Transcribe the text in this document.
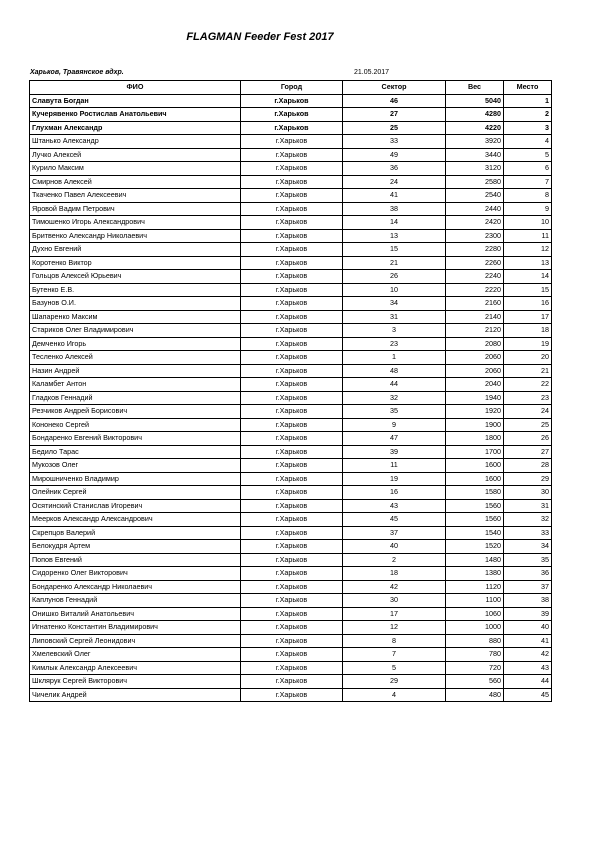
FLAGMAN Feeder Fest 2017
Харьков, Травянское вдхр.	21.05.2017
ФИО	Город	Сектор	Вес	Место
Славута Богдан	г.Харьков	46	5040	1
Кучерявенко Ростислав Анатольевич	г.Харьков	27	4280	2
Глухман Александр	г.Харьков	25	4220	3
Штанько Александр	г.Харьков	33	3920	4
Лучко Алексей	г.Харьков	49	3440	5
Курило Максим	г.Харьков	36	3120	6
Смирнов Алексей	г.Харьков	24	2580	7
Ткаченко Павел Алексеевич	г.Харьков	41	2540	8
Яровой Вадим Петрович	г.Харьков	38	2440	9
Тимошенко Игорь Александрович	г.Харьков	14	2420	10
Бритвенко Александр Николаевич	г.Харьков	13	2300	11
Духно Евгений	г.Харьков	15	2280	12
Коротенко Виктор	г.Харьков	21	2260	13
Гольцов Алексей Юрьевич	г.Харьков	26	2240	14
Бутенко Е.В.	г.Харьков	10	2220	15
Базунов О.И.	г.Харьков	34	2160	16
Шапаренко Максим	г.Харьков	31	2140	17
Стариков Олег Владимирович	г.Харьков	3	2120	18
Демченко Игорь	г.Харьков	23	2080	19
Тесленко Алексей	г.Харьков	1	2060	20
Назин Андрей	г.Харьков	48	2060	21
Каламбет Антон	г.Харьков	44	2040	22
Гладков Геннадий	г.Харьков	32	1940	23
Резчиков Андрей Борисович	г.Харьков	35	1920	24
Кононеко Сергей	г.Харьков	9	1900	25
Бондаренко Евгений Викторович	г.Харьков	47	1800	26
Бедило Тарас	г.Харьков	39	1700	27
Мукозов Олег	г.Харьков	11	1600	28
Мирошниченко Владимир	г.Харьков	19	1600	29
Олейник Сергей	г.Харьков	16	1580	30
Осятинский Станислав Игоревич	г.Харьков	43	1560	31
Меерков Александр Александрович	г.Харьков	45	1560	32
Скрепцов Валерий	г.Харьков	37	1540	33
Белокудря Артем	г.Харьков	40	1520	34
Попов Евгений	г.Харьков	2	1480	35
Сидоренко Олег Викторович	г.Харьков	18	1380	36
Бондаренко Александр Николаевич	г.Харьков	42	1120	37
Каплунов Геннадий	г.Харьков	30	1100	38
Онишко Виталий Анатольевич	г.Харьков	17	1060	39
Игнатенко Константин Владимирович	г.Харьков	12	1000	40
Липовский Сергей Леонидович	г.Харьков	8	880	41
Хмелевский Олег	г.Харьков	7	780	42
Кимлык Александр Алексеевич	г.Харьков	5	720	43
Шклярук Сергей Викторович	г.Харьков	29	560	44
Чичелик Андрей	г.Харьков	4	480	45
